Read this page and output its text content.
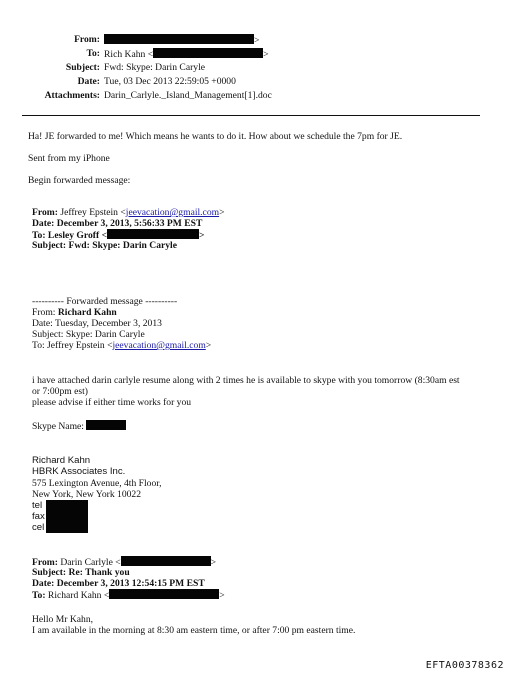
From:	>
To: Rich Kahn <	>
Subject: Fwd: Skype: Darin Caryle
Date: Tue, 03 Dec 2013 22:59:05 +0000
Attachments: Darin_Carlyle._Island_Management[1].doc
Ha! JE forwarded to me! Which means he wants to do it. How about we schedule the 7pm for JE.
Sent from my iPhone
Begin forwarded message:
From: Jeffrey Epstein <jeevacation@gmail.com>
Date: December 3, 2013, 5:56:33 PM EST
To: Lesley Groff <	>
Subject: Fwd: Skype: Darin Caryle
---------- Forwarded message ----------
From: Richard Kahn
Date: Tuesday, December 3, 2013
Subject: Skype: Darin Caryle
To: Jeffrey Epstein <jeevacation@gmail.com>
i have attached darin carlyle resume along with 2 times he is available to skype with you tomorrow (8:30am est
or 7:00pm est)
please advise if either time works for you
Skype Name:
Richard Kahn
HBRK Associates Inc.
575 Lexington Avenue, 4th Floor,
New York, New York 10022
tel
fax
cel
From: Darin Carlyle <	>
Subject: Re: Thank you
Date: December 3, 2013 12:54:15 PM EST
To: Richard Kahn <	>
Hello Mr Kahn,
I am available in the morning at 8:30 am eastern time, or after 7:00 pm eastern time.
EFTA00378362
